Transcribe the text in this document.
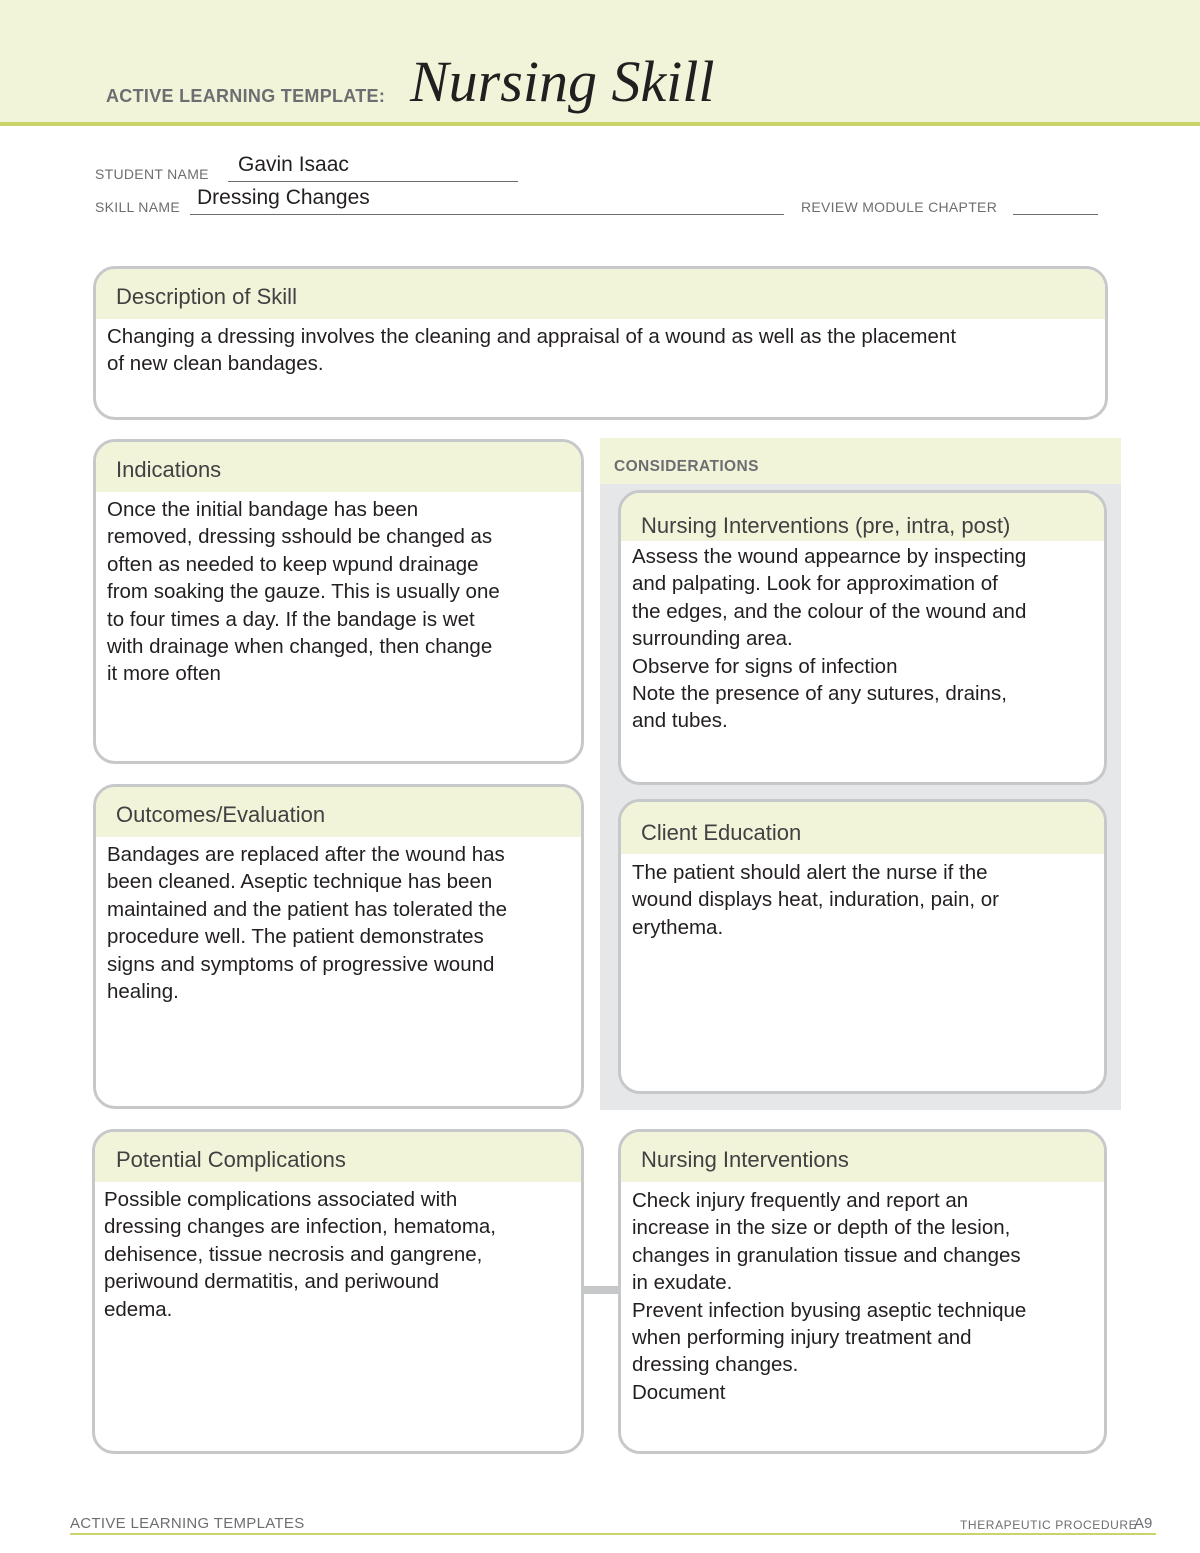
ACTIVE LEARNING TEMPLATE: Nursing Skill
STUDENT NAME Gavin Isaac
SKILL NAME Dressing Changes	REVIEW MODULE CHAPTER
Description of Skill
Changing a dressing involves the cleaning and appraisal of a wound as well as the placement
of new clean bandages.
Indications
Once the initial bandage has been
removed, dressing sshould be changed as
often as needed to keep wpund drainage
from soaking the gauze. This is usually one
to four times a day. If the bandage is wet
with drainage when changed, then change
it more often
Outcomes/Evaluation
Bandages are replaced after the wound has
been cleaned. Aseptic technique has been
maintained and the patient has tolerated the
procedure well. The patient demonstrates
signs and symptoms of progressive wound
healing.
CONSIDERATIONS
Nursing Interventions (pre, intra, post)
Assess the wound appearnce by inspecting
and palpating. Look for approximation of
the edges, and the colour of the wound and
surrounding area.
Observe for signs of infection
Note the presence of any sutures, drains,
and tubes.
Client Education
The patient should alert the nurse if the
wound displays heat, induration, pain, or
erythema.
Potential Complications
Possible complications associated with
dressing changes are infection, hematoma,
dehisence, tissue necrosis and gangrene,
periwound dermatitis, and periwound
edema.
Nursing Interventions
Check injury frequently and report an
increase in the size or depth of the lesion,
changes in granulation tissue and changes
in exudate.
Prevent infection byusing aseptic technique
when performing injury treatment and
dressing changes.
Document
ACTIVE LEARNING TEMPLATES	THERAPEUTIC PROCEDURE
A9
